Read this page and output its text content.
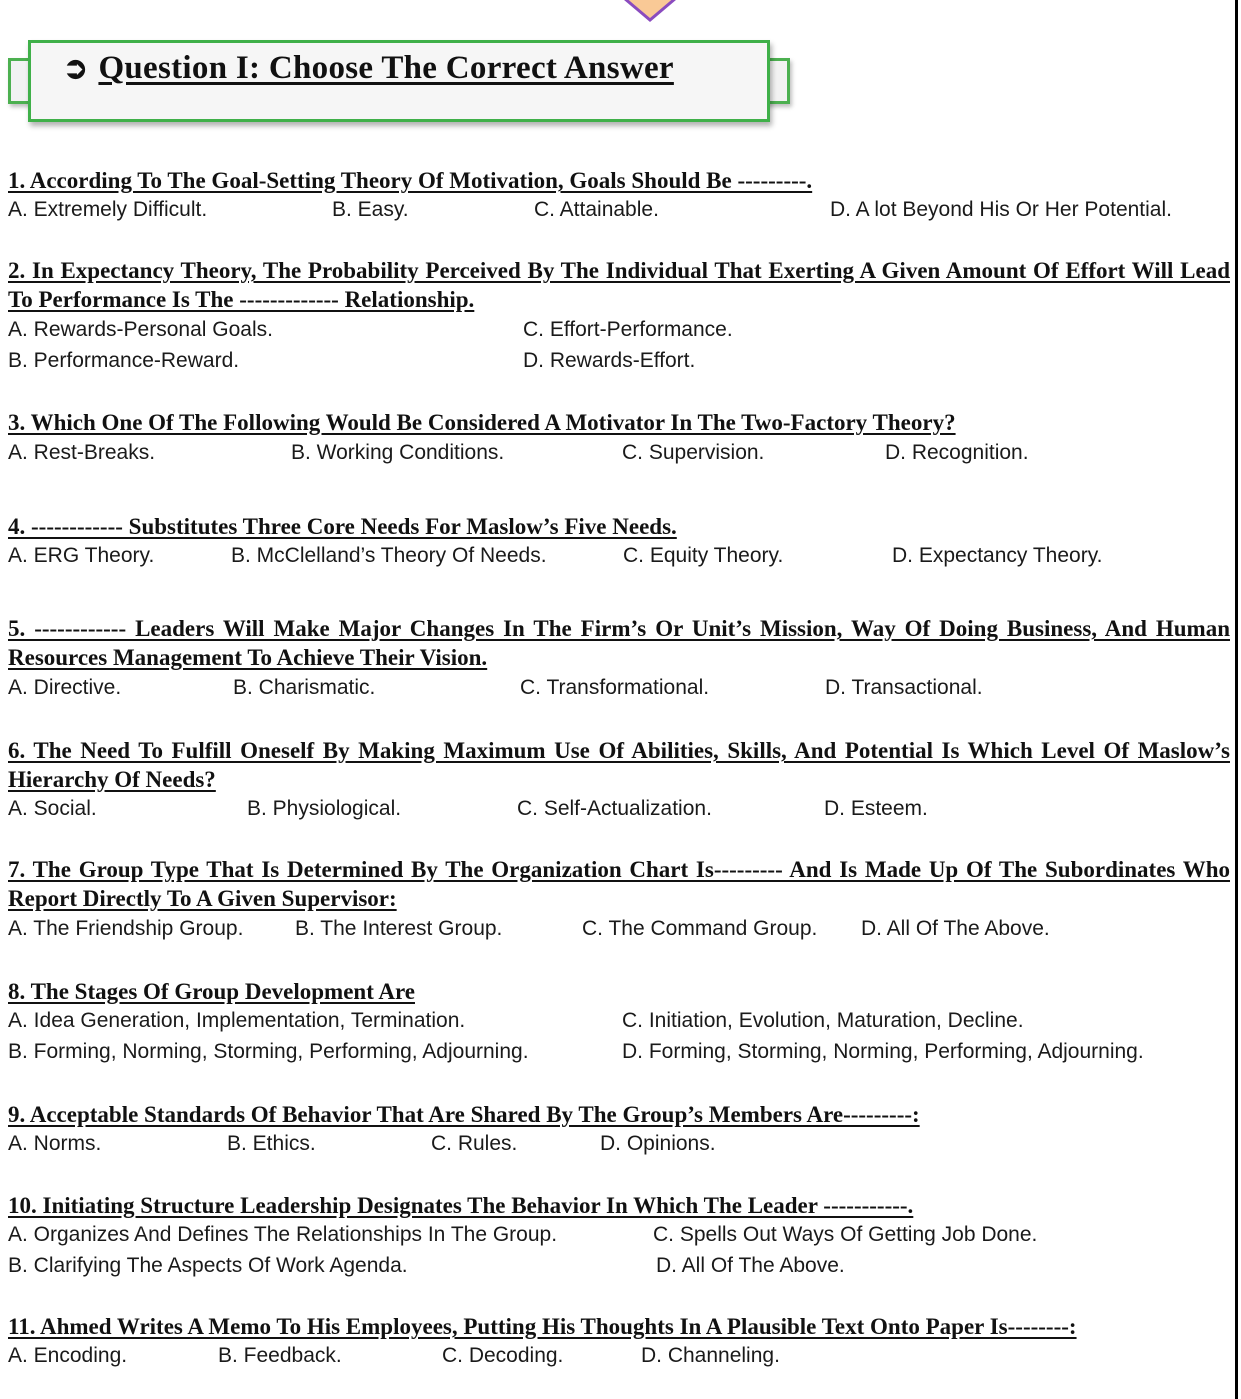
➲ Question I: Choose The Correct Answer
1. According To The Goal-Setting Theory Of Motivation, Goals Should Be ---------.
A. Extremely Difficult.	B. Easy.	C. Attainable.	D. A lot Beyond His Or Her Potential.
2. In Expectancy Theory, The Probability Perceived By The Individual That Exerting A Given Amount Of Effort Will Lead To Performance Is The ------------- Relationship.
A. Rewards-Personal Goals.	C. Effort-Performance.
B. Performance-Reward.	D. Rewards-Effort.
3. Which One Of The Following Would Be Considered A Motivator In The Two-Factory Theory?
A. Rest-Breaks.	B. Working Conditions.	C. Supervision.	D. Recognition.
4. ------------ Substitutes Three Core Needs For Maslow’s Five Needs.
A. ERG Theory.	B. McClelland’s Theory Of Needs.	C. Equity Theory.	D. Expectancy Theory.
5. ------------ Leaders Will Make Major Changes In The Firm’s Or Unit’s Mission, Way Of Doing Business, And Human Resources Management To Achieve Their Vision.
A. Directive.	B. Charismatic.	C. Transformational.	D. Transactional.
6. The Need To Fulfill Oneself By Making Maximum Use Of Abilities, Skills, And Potential Is Which Level Of Maslow’s Hierarchy Of Needs?
A. Social.	B. Physiological.	C. Self-Actualization.	D. Esteem.
7. The Group Type That Is Determined By The Organization Chart Is--------- And Is Made Up Of The Subordinates Who Report Directly To A Given Supervisor:
A. The Friendship Group. B. The Interest Group.	C. The Command Group. D. All Of The Above.
8. The Stages Of Group Development Are
A. Idea Generation, Implementation, Termination.	C. Initiation, Evolution, Maturation, Decline.
B. Forming, Norming, Storming, Performing, Adjourning.	D. Forming, Storming, Norming, Performing, Adjourning.
9. Acceptable Standards Of Behavior That Are Shared By The Group’s Members Are---------:
A. Norms.	B. Ethics.	C. Rules.	D. Opinions.
10. Initiating Structure Leadership Designates The Behavior In Which The Leader -----------.
A. Organizes And Defines The Relationships In The Group.	C. Spells Out Ways Of Getting Job Done.
B. Clarifying The Aspects Of Work Agenda.	D. All Of The Above.
11. Ahmed Writes A Memo To His Employees, Putting His Thoughts In A Plausible Text Onto Paper Is--------:
A. Encoding.	B. Feedback.	C. Decoding.	D. Channeling.
